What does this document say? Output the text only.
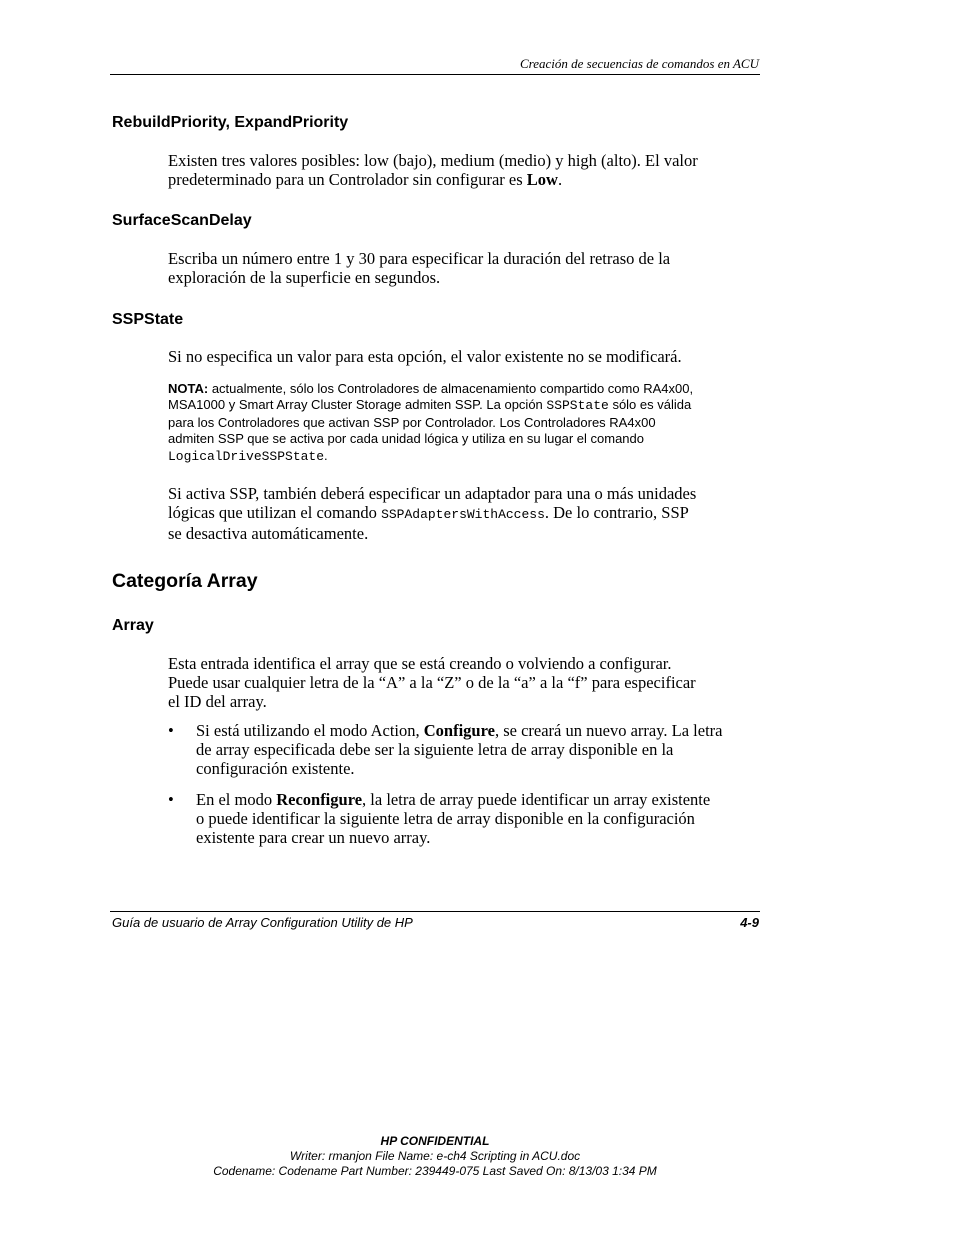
Creación de secuencias de comandos en ACU
RebuildPriority, ExpandPriority
Existen tres valores posibles: low (bajo), medium (medio) y high (alto). El valor
predeterminado para un Controlador sin configurar es Low.
SurfaceScanDelay
Escriba un número entre 1 y 30 para especificar la duración del retraso de la
exploración de la superficie en segundos.
SSPState
Si no especifica un valor para esta opción, el valor existente no se modificará.
NOTA: actualmente, sólo los Controladores de almacenamiento compartido como RA4x00,
MSA1000 y Smart Array Cluster Storage admiten SSP. La opción SSPState sólo es válida
para los Controladores que activan SSP por Controlador. Los Controladores RA4x00
admiten SSP que se activa por cada unidad lógica y utiliza en su lugar el comando
LogicalDriveSSPState.
Si activa SSP, también deberá especificar un adaptador para una o más unidades
lógicas que utilizan el comando SSPAdaptersWithAccess. De lo contrario, SSP
se desactiva automáticamente.
Categoría Array
Array
Esta entrada identifica el array que se está creando o volviendo a configurar.
Puede usar cualquier letra de la “A” a la “Z” o de la “a” a la “f” para especificar
el ID del array.
• Si está utilizando el modo Action, Configure, se creará un nuevo array. La letra
de array especificada debe ser la siguiente letra de array disponible en la
configuración existente.
• En el modo Reconfigure, la letra de array puede identificar un array existente
o puede identificar la siguiente letra de array disponible en la configuración
existente para crear un nuevo array.
Guía de usuario de Array Configuration Utility de HP	4-9
HP CONFIDENTIAL
Writer: rmanjon File Name: e-ch4 Scripting in ACU.doc
Codename: Codename Part Number: 239449-075 Last Saved On: 8/13/03 1:34 PM
